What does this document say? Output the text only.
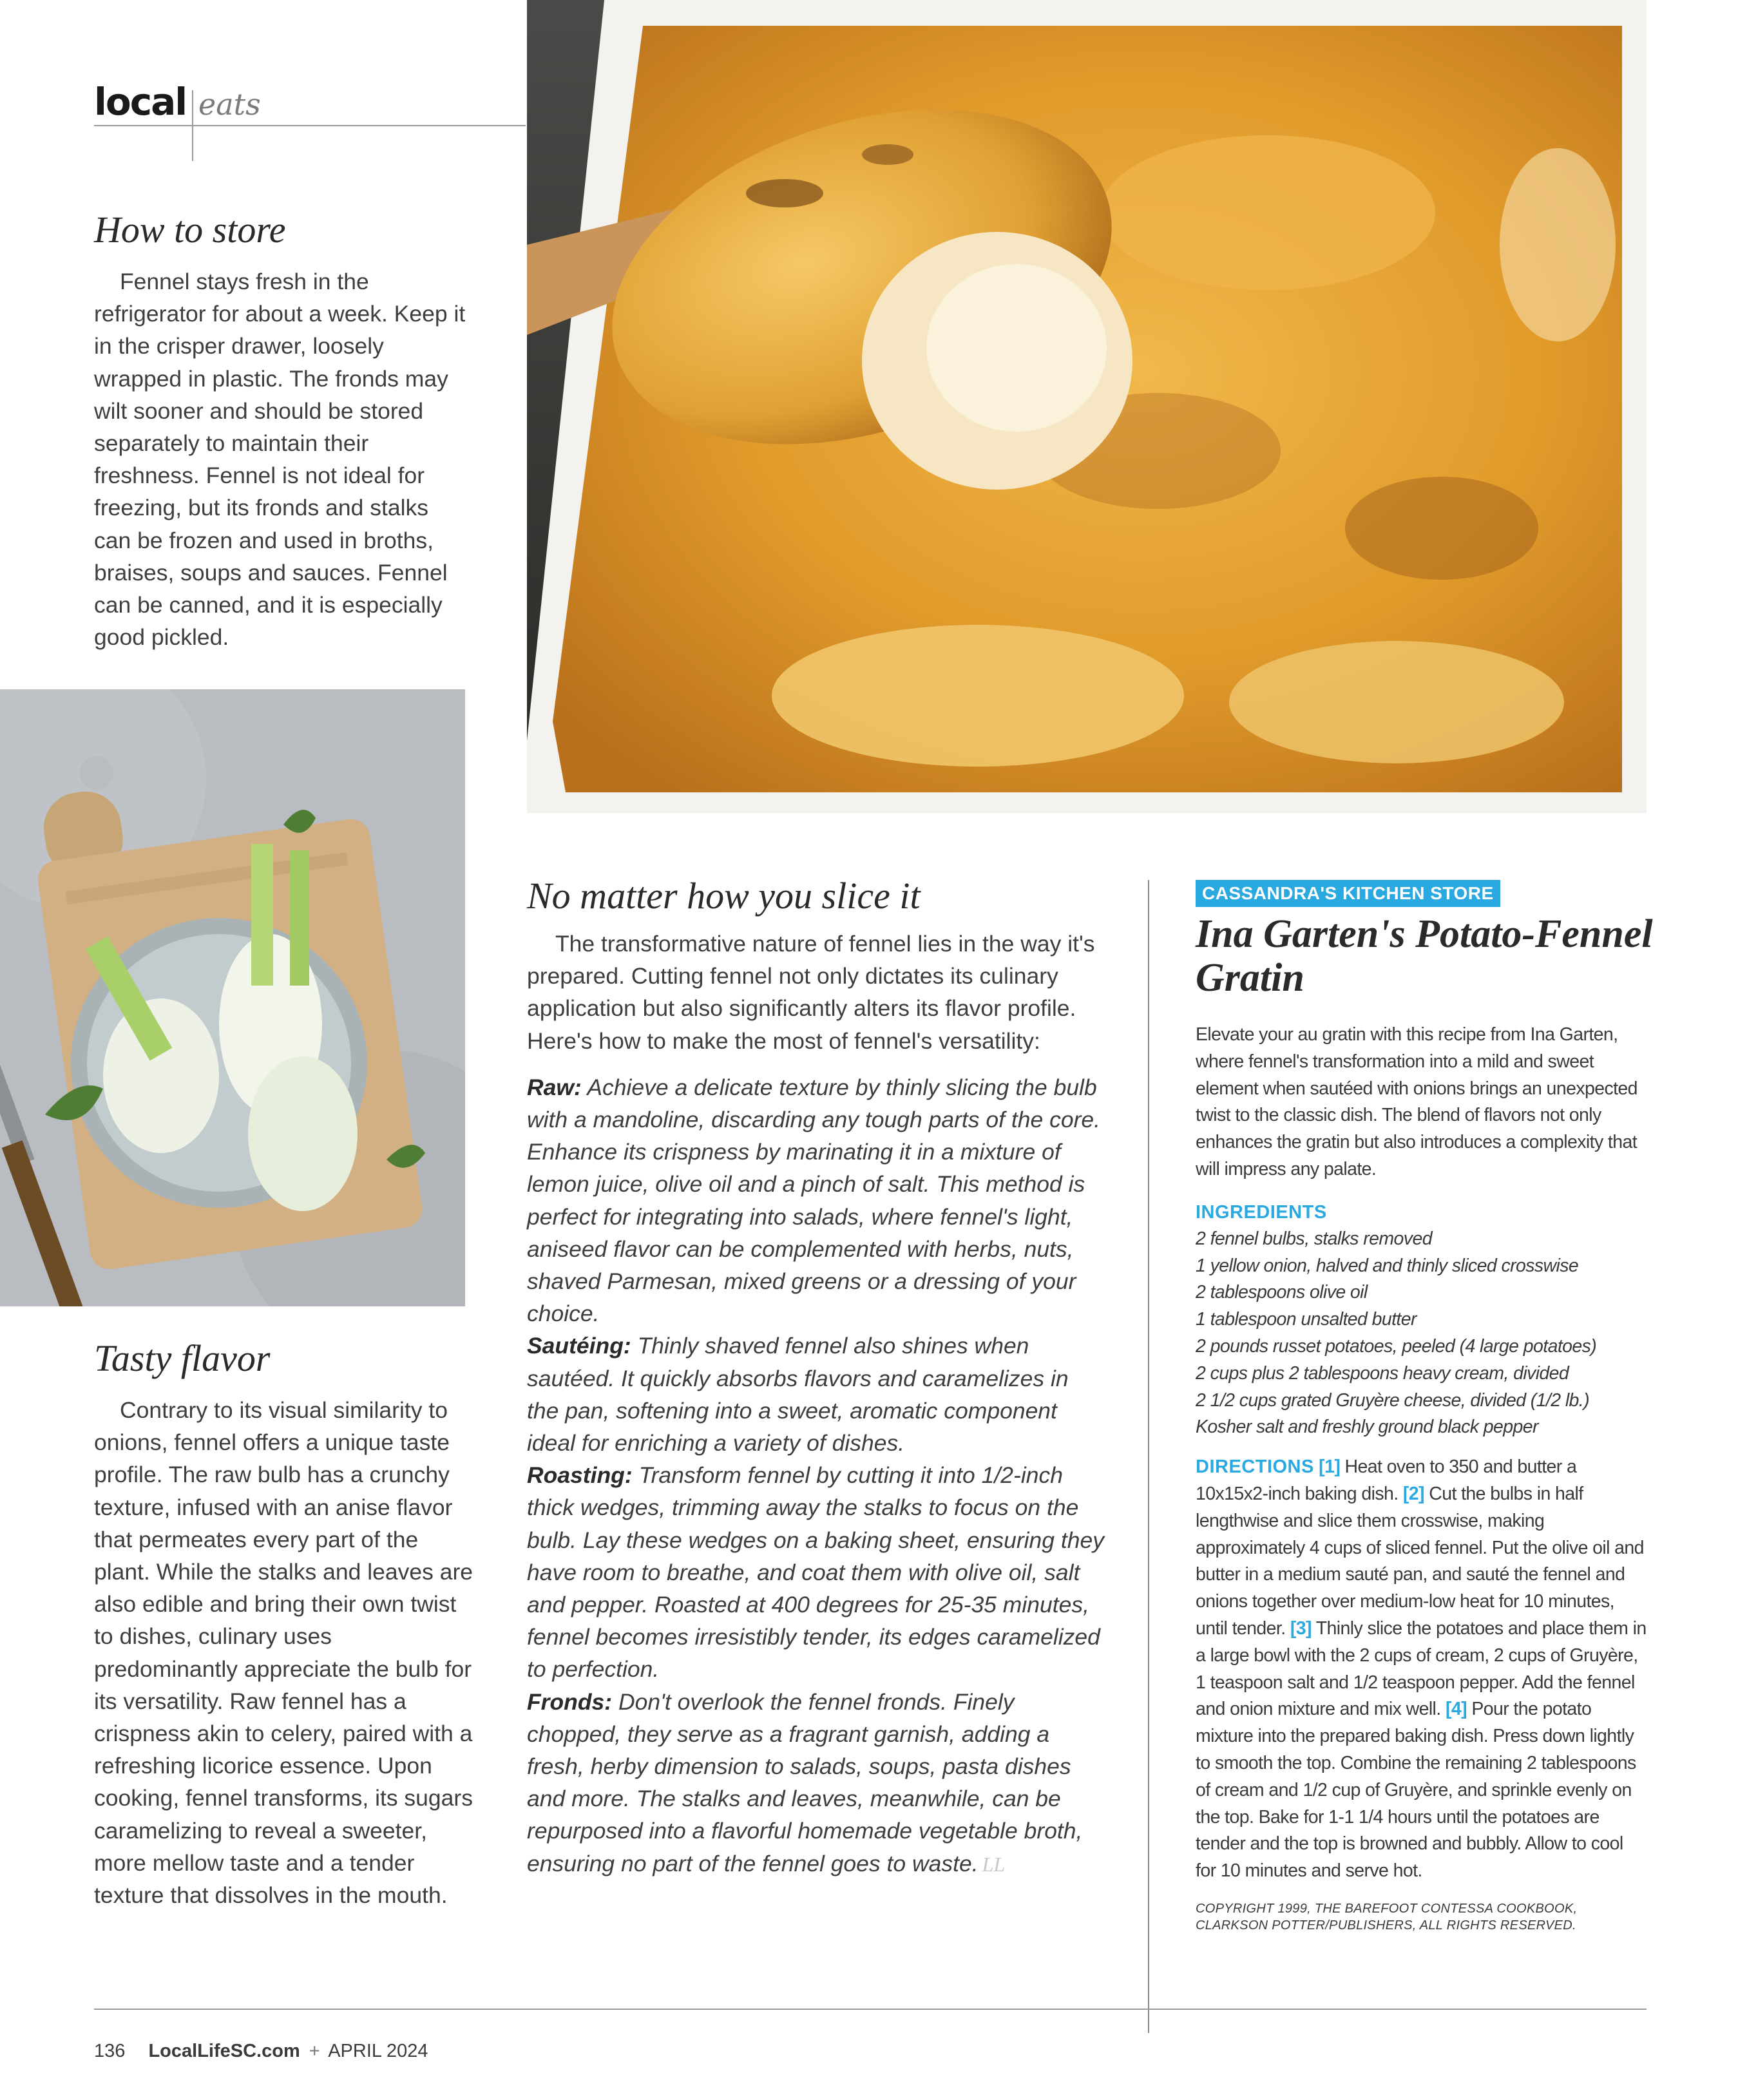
local eats
How to store
Fennel stays fresh in the refrigerator for about a week. Keep it in the crisper drawer, loosely wrapped in plastic. The fronds may wilt sooner and should be stored separately to maintain their freshness. Fennel is not ideal for freezing, but its fronds and stalks can be frozen and used in broths, braises, soups and sauces. Fennel can be canned, and it is especially good pickled.
Tasty flavor
Contrary to its visual similarity to onions, fennel offers a unique taste profile. The raw bulb has a crunchy texture, infused with an anise flavor that permeates every part of the plant. While the stalks and leaves are also edible and bring their own twist to dishes, culinary uses predominantly appreciate the bulb for its versatility. Raw fennel has a crispness akin to celery, paired with a refreshing licorice essence. Upon cooking, fennel transforms, its sugars caramelizing to reveal a sweeter, more mellow taste and a tender texture that dissolves in the mouth.
No matter how you slice it

The transformative nature of fennel lies in the way it's prepared. Cutting fennel not only dictates its culinary application but also significantly alters its flavor profile. Here's how to make the most of fennel's versatility:

Raw: Achieve a delicate texture by thinly slicing the bulb with a mandoline, discarding any tough parts of the core. Enhance its crispness by marinating it in a mixture of lemon juice, olive oil and a pinch of salt. This method is perfect for integrating into salads, where fennel's light, aniseed flavor can be complemented with herbs, nuts, shaved Parmesan, mixed greens or a dressing of your choice.

Sautéing: Thinly shaved fennel also shines when sautéed. It quickly absorbs flavors and caramelizes in the pan, softening into a sweet, aromatic component ideal for enriching a variety of dishes.

Roasting: Transform fennel by cutting it into 1/2-inch thick wedges, trimming away the stalks to focus on the bulb. Lay these wedges on a baking sheet, ensuring they have room to breathe, and coat them with olive oil, salt and pepper. Roasted at 400 degrees for 25-35 minutes, fennel becomes irresistibly tender, its edges caramelized to perfection.

Fronds: Don't overlook the fennel fronds. Finely chopped, they serve as a fragrant garnish, adding a fresh, herby dimension to salads, soups, pasta dishes and more. The stalks and leaves, meanwhile, can be repurposed into a flavorful homemade vegetable broth, ensuring no part of the fennel goes to waste. LL

CASSANDRA'S KITCHEN STORE
Ina Garten's Potato-Fennel Gratin

Elevate your au gratin with this recipe from Ina Garten, where fennel's transformation into a mild and sweet element when sautéed with onions brings an unexpected twist to the classic dish. The blend of flavors not only enhances the gratin but also introduces a complexity that will impress any palate.

INGREDIENTS
2 fennel bulbs, stalks removed
1 yellow onion, halved and thinly sliced crosswise
2 tablespoons olive oil
1 tablespoon unsalted butter
2 pounds russet potatoes, peeled (4 large potatoes)
2 cups plus 2 tablespoons heavy cream, divided
2 1/2 cups grated Gruyère cheese, divided (1/2 lb.)
Kosher salt and freshly ground black pepper

DIRECTIONS [1] Heat oven to 350 and butter a 10x15x2-inch baking dish. [2] Cut the bulbs in half lengthwise and slice them crosswise, making approximately 4 cups of sliced fennel. Put the olive oil and butter in a medium sauté pan, and sauté the fennel and onions together over medium-low heat for 10 minutes, until tender. [3] Thinly slice the potatoes and place them in a large bowl with the 2 cups of cream, 2 cups of Gruyère, 1 teaspoon salt and 1/2 teaspoon pepper. Add the fennel and onion mixture and mix well. [4] Pour the potato mixture into the prepared baking dish. Press down lightly to smooth the top. Combine the remaining 2 tablespoons of cream and 1/2 cup of Gruyère, and sprinkle evenly on the top. Bake for 1-1 1/4 hours until the potatoes are tender and the top is browned and bubbly. Allow to cool for 10 minutes and serve hot.

COPYRIGHT 1999, THE BAREFOOT CONTESSA COOKBOOK,
CLARKSON POTTER/PUBLISHERS, ALL RIGHTS RESERVED.
136 LocalLifeSC.com + APRIL 2024
